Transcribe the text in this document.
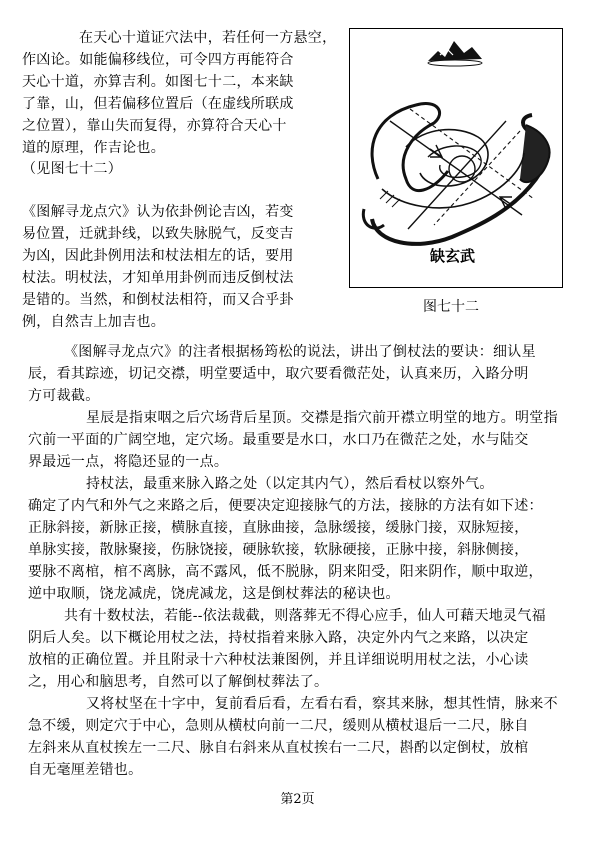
在天心十道证穴法中，若任何一方悬空，
作凶论。如能偏移线位，可令四方再能符合
天心十道，亦算吉利。如图七十二，本来缺
了靠，山，但若偏移位置后（在虚线所联成
之位置），靠山失而复得，亦算符合天心十
道的原理，作吉论也。
（见图七十二）
《图解寻龙点穴》认为依卦例论吉凶，若变
易位置，迁就卦线，以致失脉脱气，反变吉
为凶，因此卦例用法和杖法相左的话，要用
杖法。明杖法，才知单用卦例而违反倒杖法
是错的。当然，和倒杖法相符，而又合乎卦
例，自然吉上加吉也。
缺玄武
图七十二
《图解寻龙点穴》的注者根据杨筠松的说法，讲出了倒杖法的要诀：细认星
辰，看其踪迹，切记交襟，明堂要适中，取穴要看微茫处，认真来历，入路分明
方可裁截。
星辰是指束咽之后穴场背后星顶。交襟是指穴前开襟立明堂的地方。明堂指
穴前一平面的广阔空地，定穴场。最重要是水口，水口乃在微茫之处，水与陆交
界最远一点，将隐还显的一点。
持杖法，最重来脉入路之处（以定其内气），然后看杖以察外气。
确定了内气和外气之来路之后，便要决定迎接脉气的方法，接脉的方法有如下述：
正脉斜接，新脉正接，横脉直接，直脉曲接，急脉缓接，缓脉门接，双脉短接，
单脉实接，散脉聚接，伤脉饶接，硬脉软接，软脉硬接，正脉中接，斜脉侧接，
要脉不离棺，棺不离脉，高不露风，低不脱脉，阴来阳受，阳来阴作，顺中取逆，
逆中取顺，饶龙减虎，饶虎减龙，这是倒杖葬法的秘诀也。
共有十数杖法，若能--依法裁截，则落葬无不得心应手，仙人可藉天地灵气福
阴后人矣。以下概论用杖之法，持杖指着来脉入路，决定外内气之来路，以决定
放棺的正确位置。并且附录十六种杖法兼图例，并且详细说明用杖之法，小心读
之，用心和脑思考，自然可以了解倒杖葬法了。
又将杖坚在十字中，复前看后看，左看右看，察其来脉，想其性情，脉来不
急不缓，则定穴于中心，急则从横杖向前一二尺，缓则从横杖退后一二尺，脉自
左斜来从直杖挨左一二尺、脉自右斜来从直杖挨右一二尺，斟酌以定倒杖，放棺
自无毫厘差错也。
第2页
